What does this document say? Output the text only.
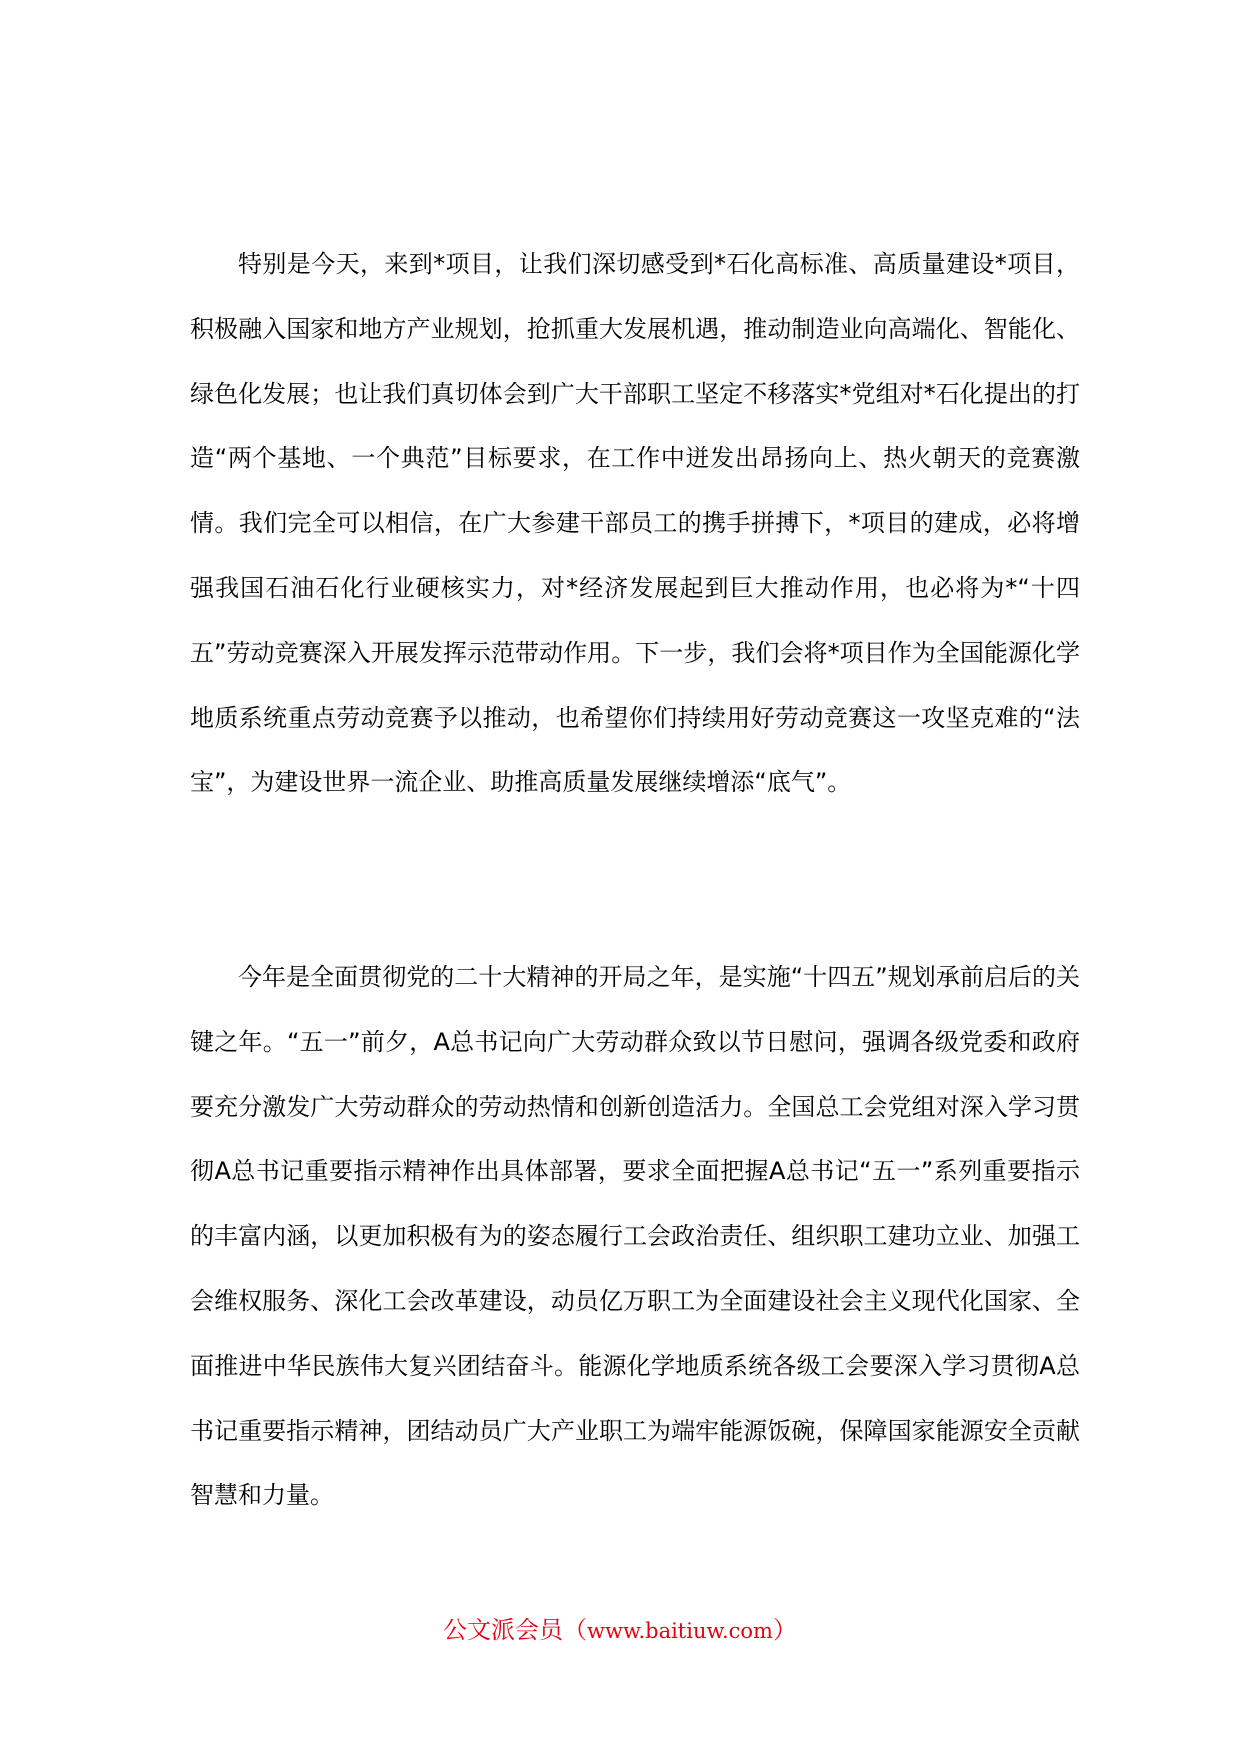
特别是今天，来到*项目，让我们深切感受到*石化高标准、高质量建设*项目，积极融入国家和地方产业规划，抢抓重大发展机遇，推动制造业向高端化、智能化、绿色化发展；也让我们真切体会到广大干部职工坚定不移落实*党组对*石化提出的打造“两个基地、一个典范”目标要求，在工作中迸发出昂扬向上、热火朝天的竞赛激情。我们完全可以相信，在广大参建干部员工的携手拼搏下，*项目的建成，必将增强我国石油石化行业硬核实力，对*经济发展起到巨大推动作用，也必将为*“十四五”劳动竞赛深入开展发挥示范带动作用。下一步，我们会将*项目作为全国能源化学地质系统重点劳动竞赛予以推动，也希望你们持续用好劳动竞赛这一攻坚克难的“法宝”，为建设世界一流企业、助推高质量发展继续增添“底气”。

今年是全面贯彻党的二十大精神的开局之年，是实施“十四五”规划承前启后的关键之年。“五一”前夕，A总书记向广大劳动群众致以节日慰问，强调各级党委和政府要充分激发广大劳动群众的劳动热情和创新创造活力。全国总工会党组对深入学习贯彻A总书记重要指示精神作出具体部署，要求全面把握A总书记“五一”系列重要指示的丰富内涵，以更加积极有为的姿态履行工会政治责任、组织职工建功立业、加强工会维权服务、深化工会改革建设，动员亿万职工为全面建设社会主义现代化国家、全面推进中华民族伟大复兴团结奋斗。能源化学地质系统各级工会要深入学习贯彻A总书记重要指示精神，团结动员广大产业职工为端牢能源饭碗，保障国家能源安全贡献智慧和力量。

公文派会员（www.baitiuw.com）
